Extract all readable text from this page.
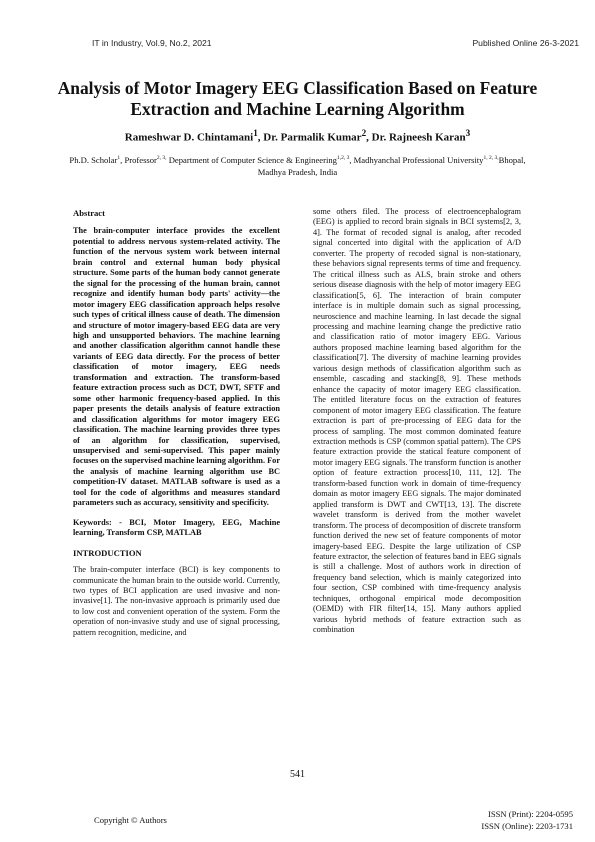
IT in Industry, Vol.9, No.2, 2021	Published Online 26-3-2021
Analysis of Motor Imagery EEG Classification Based on Feature Extraction and Machine Learning Algorithm
Rameshwar D. Chintamani$^1$, Dr. Parmalik Kumar$^2$, Dr. Rajneesh Karan$^3$
Ph.D. Scholar$^1$, Professor$^{2, 3,}$ Department of Computer Science & Engineering$^{1,2, 3}$, Madhyanchal Professional University$^{1, 2, 3,}$Bhopal, Madhya Pradesh, India
Abstract

The brain-computer interface provides the excellent potential to address nervous system-related activity. The function of the nervous system work between internal brain control and external human body physical structure. Some parts of the human body cannot generate the signal for the processing of the human brain, cannot recognize and identify human body parts' activity—the motor imagery EEG classification approach helps resolve such types of critical illness cause of death. The dimension and structure of motor imagery-based EEG data are very high and unsupported behaviors. The machine learning and another classification algorithm cannot handle these variants of EEG data directly. For the process of better classification of motor imagery, EEG needs transformation and extraction. The transform-based feature extraction process such as DCT, DWT, SFTF and some other harmonic frequency-based applied. In this paper presents the details analysis of feature extraction and classification algorithms for motor imagery EEG classification. The machine learning provides three types of an algorithm for classification, supervised, unsupervised and semi-supervised. This paper mainly focuses on the supervised machine learning algorithm. For the analysis of machine learning algorithm use BC competition-IV dataset. MATLAB software is used as a tool for the code of algorithms and measures standard parameters such as accuracy, sensitivity and specificity.

Keywords: - BCI, Motor Imagery, EEG, Machine learning, Transform CSP, MATLAB

INTRODUCTION

The brain-computer interface (BCI) is key components to communicate the human brain to the outside world. Currently, two types of BCI application are used invasive and non-invasive[1]. The non-invasive approach is primarily used due to low cost and convenient operation of the system. Form the operation of non-invasive study and use of signal processing, pattern recognition, medicine, and

some others filed. The process of electroencephalogram (EEG) is applied to record brain signals in BCI systems[2, 3, 4]. The format of recoded signal is analog, after recoded signal concerted into digital with the application of A/D converter. The property of recoded signal is non-stationary, these behaviors signal represents terms of time and frequency. The critical illness such as ALS, brain stroke and others serious disease diagnosis with the help of motor imagery EEG classification[5, 6]. The interaction of brain computer interface is in multiple domain such as signal processing, neuroscience and machine learning. In last decade the signal processing and machine learning change the predictive ratio and classification ratio of motor imagery EEG. Various authors proposed machine learning based algorithm for the classification[7]. The diversity of machine learning provides various design methods of classification algorithm such as ensemble, cascading and stacking[8, 9]. These methods enhance the capacity of motor imagery EEG classification. The entitled literature focus on the extraction of features component of motor imagery EEG classification. The feature extraction is part of pre-processing of EEG data for the process of sampling. The most common dominated feature extraction methods is CSP (common spatial pattern). The CPS feature extraction provide the statical feature component of motor imagery EEG signals. The transform function is another option of feature extraction process[10, 111, 12]. The transform-based function work in domain of time-frequency domain as motor imagery EEG signals. The major dominated applied transform is DWT and CWT[13, 13]. The discrete wavelet transform is derived from the mother wavelet transform. The process of decomposition of discrete transform function derived the new set of feature components of motor imagery-based EEG. Despite the large utilization of CSP feature extractor, the selection of features band in EEG signals is still a challenge. Most of authors work in direction of frequency band selection, which is mainly categorized into four section, CSP combined with time-frequency analysis techniques, orthogonal empirical mode decomposition (OEMD) with FIR filter[14, 15]. Many authors applied various hybrid methods of feature extraction such as combination

541
Copyright © Authors
ISSN (Print): 2204-0595
ISSN (Online): 2203-1731
